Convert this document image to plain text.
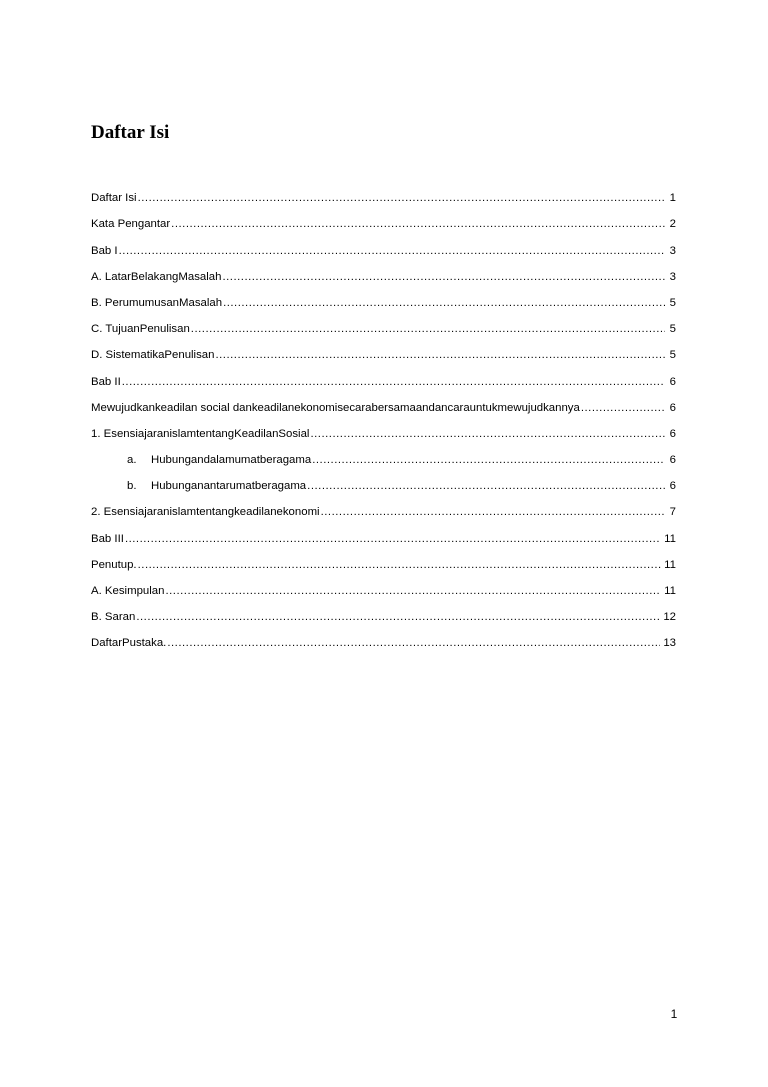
Daftar Isi
Daftar Isi .....	1
Kata Pengantar .....	2
Bab I .....	3
A. LatarBelakangMasalah .....	3
B. PerumumusanMasalah .....	5
C. TujuanPenulisan .....	5
D. SistematikaPenulisan .....	5
Bab II .....	6
Mewujudkankeadilan social dankeadilanekonomisecarabersamaandancaraunt​ukmewujudkannya .....	6
1. EsensiajaranislamtentangKeadilanSosial .....	6
a. Hubungandalamumatberagama .....	6
b. Hubunganantarumatberagama .....	6
2. Esensiajaranislamtentangkeadilanekonomi .....	7
Bab III .....	11
Penutup. .....	11
A. Kesimpulan .....	11
B. Saran .....	12
DaftarPustaka. .....	13
1
